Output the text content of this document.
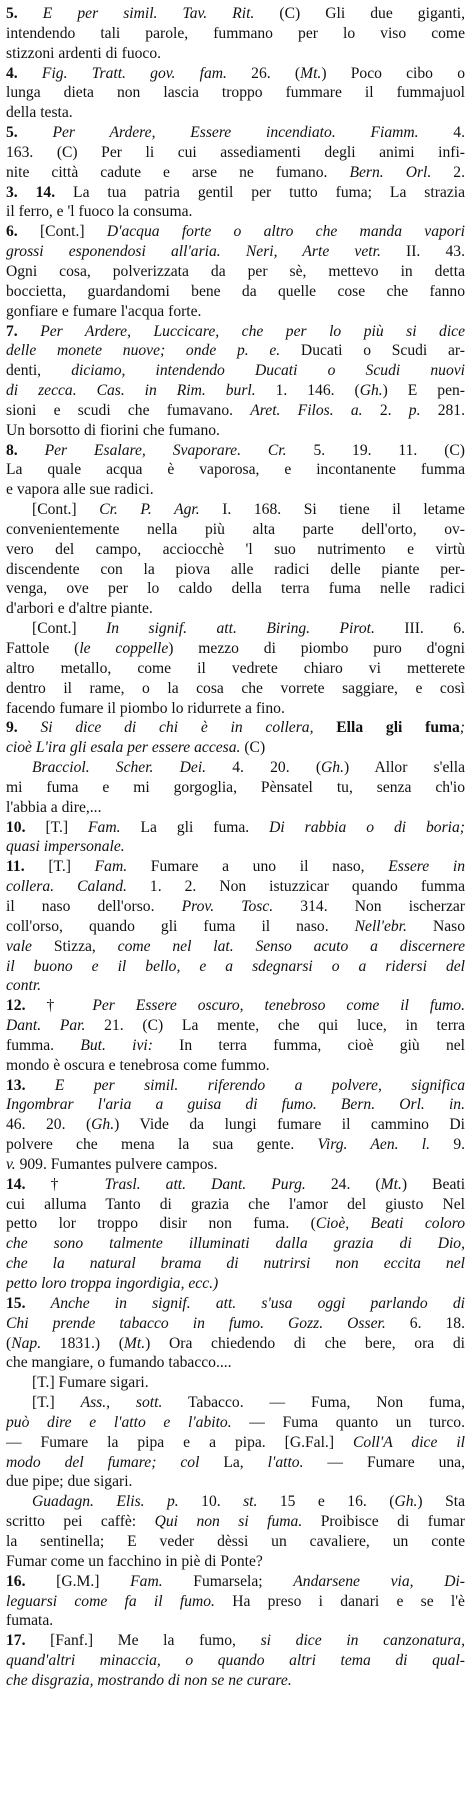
5. E per simil. Tav. Rit. (C) Gli due giganti,
intendendo tali parole, fummano per lo viso come
stizzoni ardenti di fuoco.
4. Fig. Tratt. gov. fam. 26. (Mt.) Poco cibo o
lunga dieta non lascia troppo fummare il fummajuol
della testa.
5. Per Ardere, Essere incendiato. Fiamm. 4.
163. (C) Per li cui assediamenti degli animi infi-
nite città cadute e arse ne fumano. Bern. Orl. 2.
3. 14. La tua patria gentil per tutto fuma; La strazia
il ferro, e 'l fuoco la consuma.
6. [Cont.] D'acqua forte o altro che manda vapori
grossi esponendosi all'aria. Neri, Arte vetr. II. 43.
Ogni cosa, polverizzata da per sè, mettevo in detta
boccietta, guardandomi bene da quelle cose che fanno
gonfiare e fumare l'acqua forte.
7. Per Ardere, Luccicare, che per lo più si dice
delle monete nuove; onde p. e. Ducati o Scudi ar-
denti, diciamo, intendendo Ducati o Scudi nuovi
di zecca. Cas. in Rim. burl. 1. 146. (Gh.) E pen-
sioni e scudi che fumavano. Aret. Filos. a. 2. p. 281.
Un borsotto di fiorini che fumano.
8. Per Esalare, Svaporare. Cr. 5. 19. 11. (C)
La quale acqua è vaporosa, e incontanente fumma
e vapora alle sue radici.
[Cont.] Cr. P. Agr. I. 168. Si tiene il letame
convenientemente nella più alta parte dell'orto, ov-
vero del campo, acciocchè 'l suo nutrimento e virtù
discendente con la piova alle radici delle piante per-
venga, ove per lo caldo della terra fuma nelle radici
d'arbori e d'altre piante.
[Cont.] In signif. att. Biring. Pirot. III. 6.
Fattole (le coppelle) mezzo di piombo puro d'ogni
altro metallo, come il vedrete chiaro vi metterete
dentro il rame, o la cosa che vorrete saggiare, e così
facendo fumare il piombo lo ridurrete a fino.
9. Si dice di chi è in collera, Ella gli fuma;
cioè L'ira gli esala per essere accesa. (C)
Bracciol. Scher. Dei. 4. 20. (Gh.) Allor s'ella
mi fuma e mi gorgoglia, Pènsatel tu, senza ch'io
l'abbia a dire,...
10. [T.] Fam. La gli fuma. Di rabbia o di boria;
quasi impersonale.
11. [T.] Fam. Fumare a uno il naso, Essere in
collera. Caland. 1. 2. Non istuzzicar quando fumma
il naso dell'orso. Prov. Tosc. 314. Non ischerzar
coll'orso, quando gli fuma il naso. Nell'ebr. Naso
vale Stizza, come nel lat. Senso acuto a discernere
il buono e il bello, e a sdegnarsi o a ridersi del
contr.
12. † Per Essere oscuro, tenebroso come il fumo.
Dant. Par. 21. (C) La mente, che qui luce, in terra
fumma. But. ivi: In terra fumma, cioè giù nel
mondo è oscura e tenebrosa come fummo.
13. E per simil. riferendo a polvere, significa
Ingombrar l'aria a guisa di fumo. Bern. Orl. in.
46. 20. (Gh.) Vide da lungi fumare il cammino Di
polvere che mena la sua gente. Virg. Aen. l. 9.
v. 909. Fumantes pulvere campos.
14. † Trasl. att. Dant. Purg. 24. (Mt.) Beati
cui alluma Tanto di grazia che l'amor del giusto Nel
petto lor troppo disir non fuma. (Cioè, Beati coloro
che sono talmente illuminati dalla grazia di Dio,
che la natural brama di nutrirsi non eccita nel
petto loro troppa ingordigia, ecc.)
15. Anche in signif. att. s'usa oggi parlando di
Chi prende tabacco in fumo. Gozz. Osser. 6. 18.
(Nap. 1831.) (Mt.) Ora chiedendo di che bere, ora di
che mangiare, o fumando tabacco....
[T.] Fumare sigari.
[T.] Ass., sott. Tabacco. — Fuma, Non fuma,
può dire e l'atto e l'abito. — Fuma quanto un turco.
— Fumare la pipa e a pipa. [G.Fal.] Coll'A dice il
modo del fumare; col La, l'atto. — Fumare una,
due pipe; due sigari.
Guadagn. Elis. p. 10. st. 15 e 16. (Gh.) Sta
scritto pei caffè: Qui non si fuma. Proibisce di fumar
la sentinella; E veder dèssi un cavaliere, un conte
Fumar come un facchino in piè di Ponte?
16. [G.M.] Fam. Fumarsela; Andarsene via, Di-
leguarsi come fa il fumo. Ha preso i danari e se l'è
fumata.
17. [Fanf.] Me la fumo, si dice in canzonatura,
quand'altri minaccia, o quando altri tema di qual-
che disgrazia, mostrando di non se ne curare.
